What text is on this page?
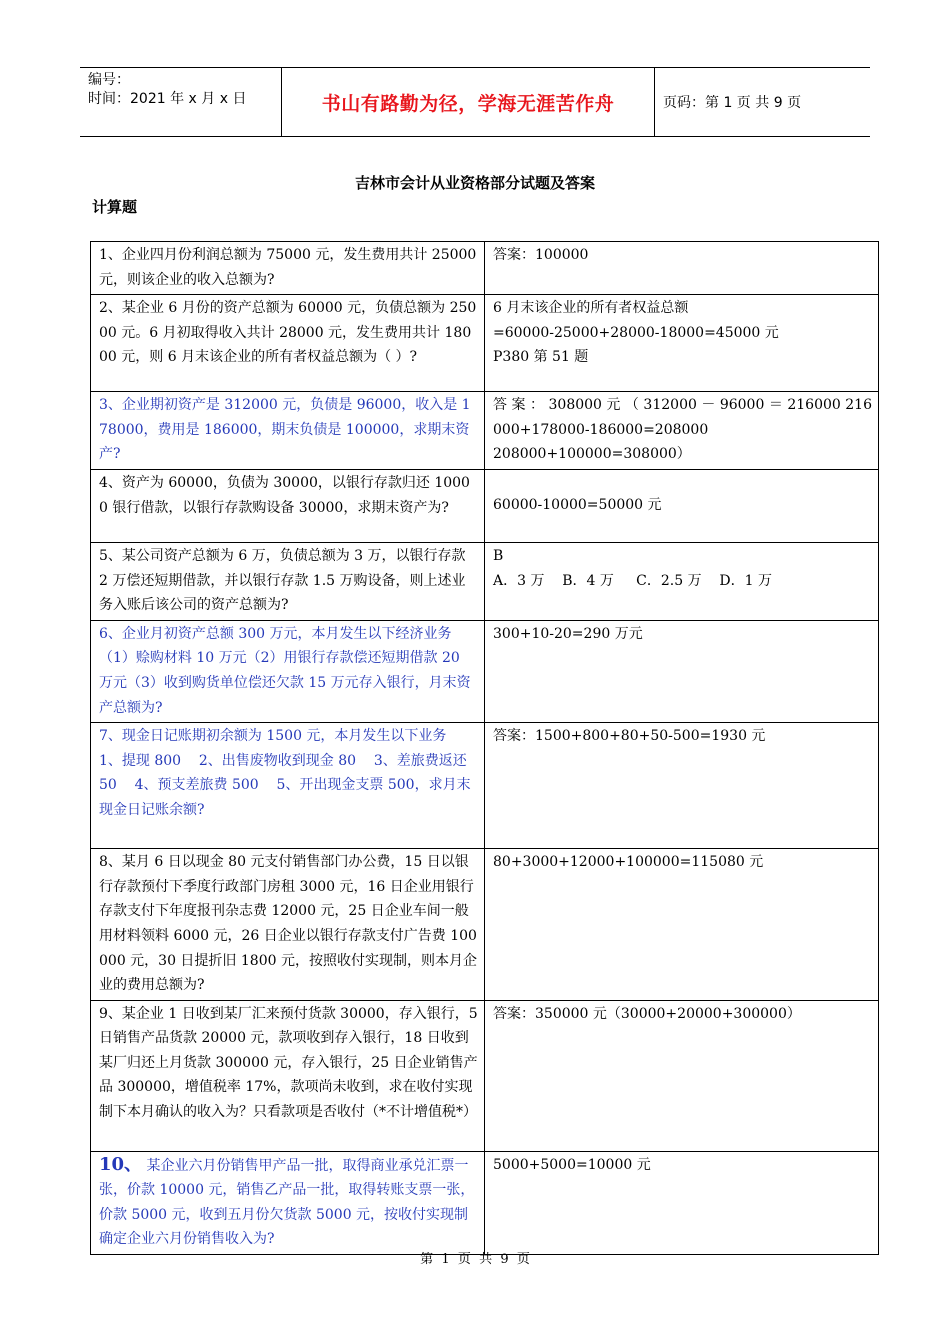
编号：
时间：2021 年 x 月 x 日	书山有路勤为径，学海无涯苦作舟	页码：第 1 页 共 9 页
吉林市会计从业资格部分试题及答案
计算题
1、企业四月份利润总额为 75000 元，发生费用共计 25000 元，则该企业的收入总额为?	答案：100000

2、某企业 6 月份的资产总额为 60000 元，负债总额为 25000 元。6 月初取得收入共计 28000 元，发生费用共计 18000 元，则 6 月末该企业的所有者权益总额为（ ）?	6 月末该企业的所有者权益总额
=60000-25000+28000-18000=45000 元
P380 第 51 题

3、企业期初资产是 312000 元，负债是 96000，收入是 178000，费用是 186000，期末负债是 100000，求期末资产?	答 案 ： 308000 元 （ 312000 － 96000 ＝ 216000 216000+178000-186000=208000
208000+100000=308000）

4、资产为 60000，负债为 30000，以银行存款归还 10000 银行借款，以银行存款购设备 30000，求期末资产为?	60000-10000=50000 元

5、某公司资产总额为 6 万，负债总额为 3 万，以银行存款 2 万偿还短期借款，并以银行存款 1.5 万购设备，则上述业务入账后该公司的资产总额为?	B
A．3 万    B．4 万     C．2.5 万    D．1 万

6、企业月初资产总额 300 万元，本月发生以下经济业务（1）赊购材料 10 万元（2）用银行存款偿还短期借款 20 万元（3）收到购货单位偿还欠款 15 万元存入银行，月末资产总额为?	300+10-20=290 万元

7、现金日记账期初余额为 1500 元，本月发生以下业务
1、提现 800    2、出售废物收到现金 80    3、差旅费返还 50    4、预支差旅费 500    5、开出现金支票 500，求月末现金日记账余额?	答案：1500+800+80+50-500=1930 元

8、某月 6 日以现金 80 元支付销售部门办公费，15 日以银行存款预付下季度行政部门房租 3000 元，16 日企业用银行存款支付下年度报刊杂志费 12000 元，25 日企业车间一般用材料领料 6000 元，26 日企业以银行存款支付广告费 100000 元，30 日提折旧 1800 元，按照收付实现制，则本月企业的费用总额为?	80+3000+12000+100000=115080 元

9、某企业 1 日收到某厂汇来预付货款 30000，存入银行，5 日销售产品货款 20000 元，款项收到存入银行，18 日收到某厂归还上月货款 300000 元，存入银行，25 日企业销售产品 300000，增值税率 17%，款项尚未收到，求在收付实现制下本月确认的收入为？只看款项是否收付（*不计增值税*）	答案：350000 元（30000+20000+300000）

10、 某企业六月份销售甲产品一批，取得商业承兑汇票一张，价款 10000 元，销售乙产品一批，取得转账支票一张，价款 5000 元，收到五月份欠货款 5000 元，按收付实现制确定企业六月份销售收入为?	5000+5000=10000 元
第  1  页  共  9  页
